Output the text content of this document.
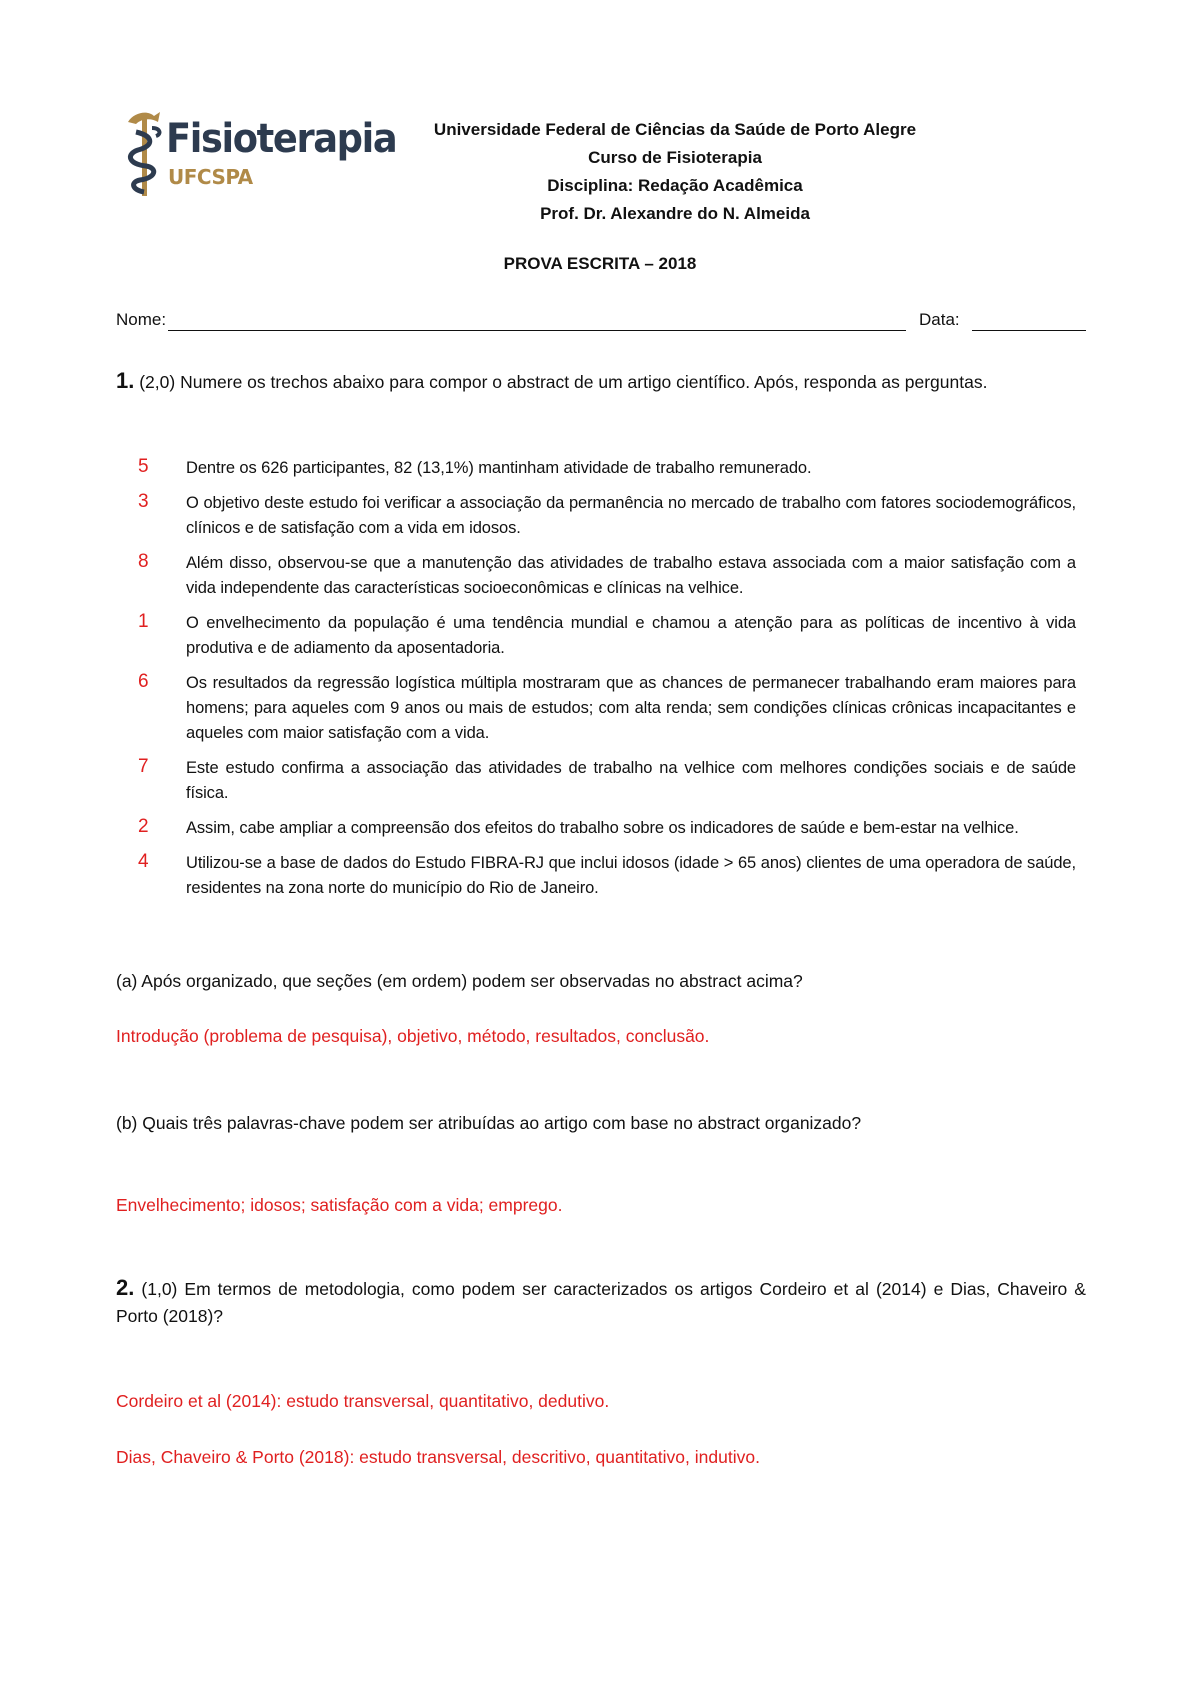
Fisioterapia
UFCSPA
Universidade Federal de Ciências da Saúde de Porto Alegre
Curso de Fisioterapia
Disciplina: Redação Acadêmica
Prof. Dr. Alexandre do N. Almeida
PROVA ESCRITA – 2018
Nome:	Data:
1. (2,0) Numere os trechos abaixo para compor o abstract de um artigo científico. Após, responda as perguntas.
5	Dentre os 626 participantes, 82 (13,1%) mantinham atividade de trabalho remunerado.
3	O objetivo deste estudo foi verificar a associação da permanência no mercado de trabalho com fatores sociodemográficos, clínicos e de satisfação com a vida em idosos.
8	Além disso, observou-se que a manutenção das atividades de trabalho estava associada com a maior satisfação com a vida independente das características socioeconômicas e clínicas na velhice.
1	O envelhecimento da população é uma tendência mundial e chamou a atenção para as políticas de incentivo à vida produtiva e de adiamento da aposentadoria.
6	Os resultados da regressão logística múltipla mostraram que as chances de permanecer trabalhando eram maiores para homens; para aqueles com 9 anos ou mais de estudos; com alta renda; sem condições clínicas crônicas incapacitantes e aqueles com maior satisfação com a vida.
7	Este estudo confirma a associação das atividades de trabalho na velhice com melhores condições sociais e de saúde física.
2	Assim, cabe ampliar a compreensão dos efeitos do trabalho sobre os indicadores de saúde e bem-estar na velhice.
4	Utilizou-se a base de dados do Estudo FIBRA-RJ que inclui idosos (idade > 65 anos) clientes de uma operadora de saúde, residentes na zona norte do município do Rio de Janeiro.
(a) Após organizado, que seções (em ordem) podem ser observadas no abstract acima?
Introdução (problema de pesquisa), objetivo, método, resultados, conclusão.
(b) Quais três palavras-chave podem ser atribuídas ao artigo com base no abstract organizado?
Envelhecimento; idosos; satisfação com a vida; emprego.
2. (1,0) Em termos de metodologia, como podem ser caracterizados os artigos Cordeiro et al (2014) e Dias, Chaveiro & Porto (2018)?
Cordeiro et al (2014): estudo transversal, quantitativo, dedutivo.
Dias, Chaveiro & Porto (2018): estudo transversal, descritivo, quantitativo, indutivo.
